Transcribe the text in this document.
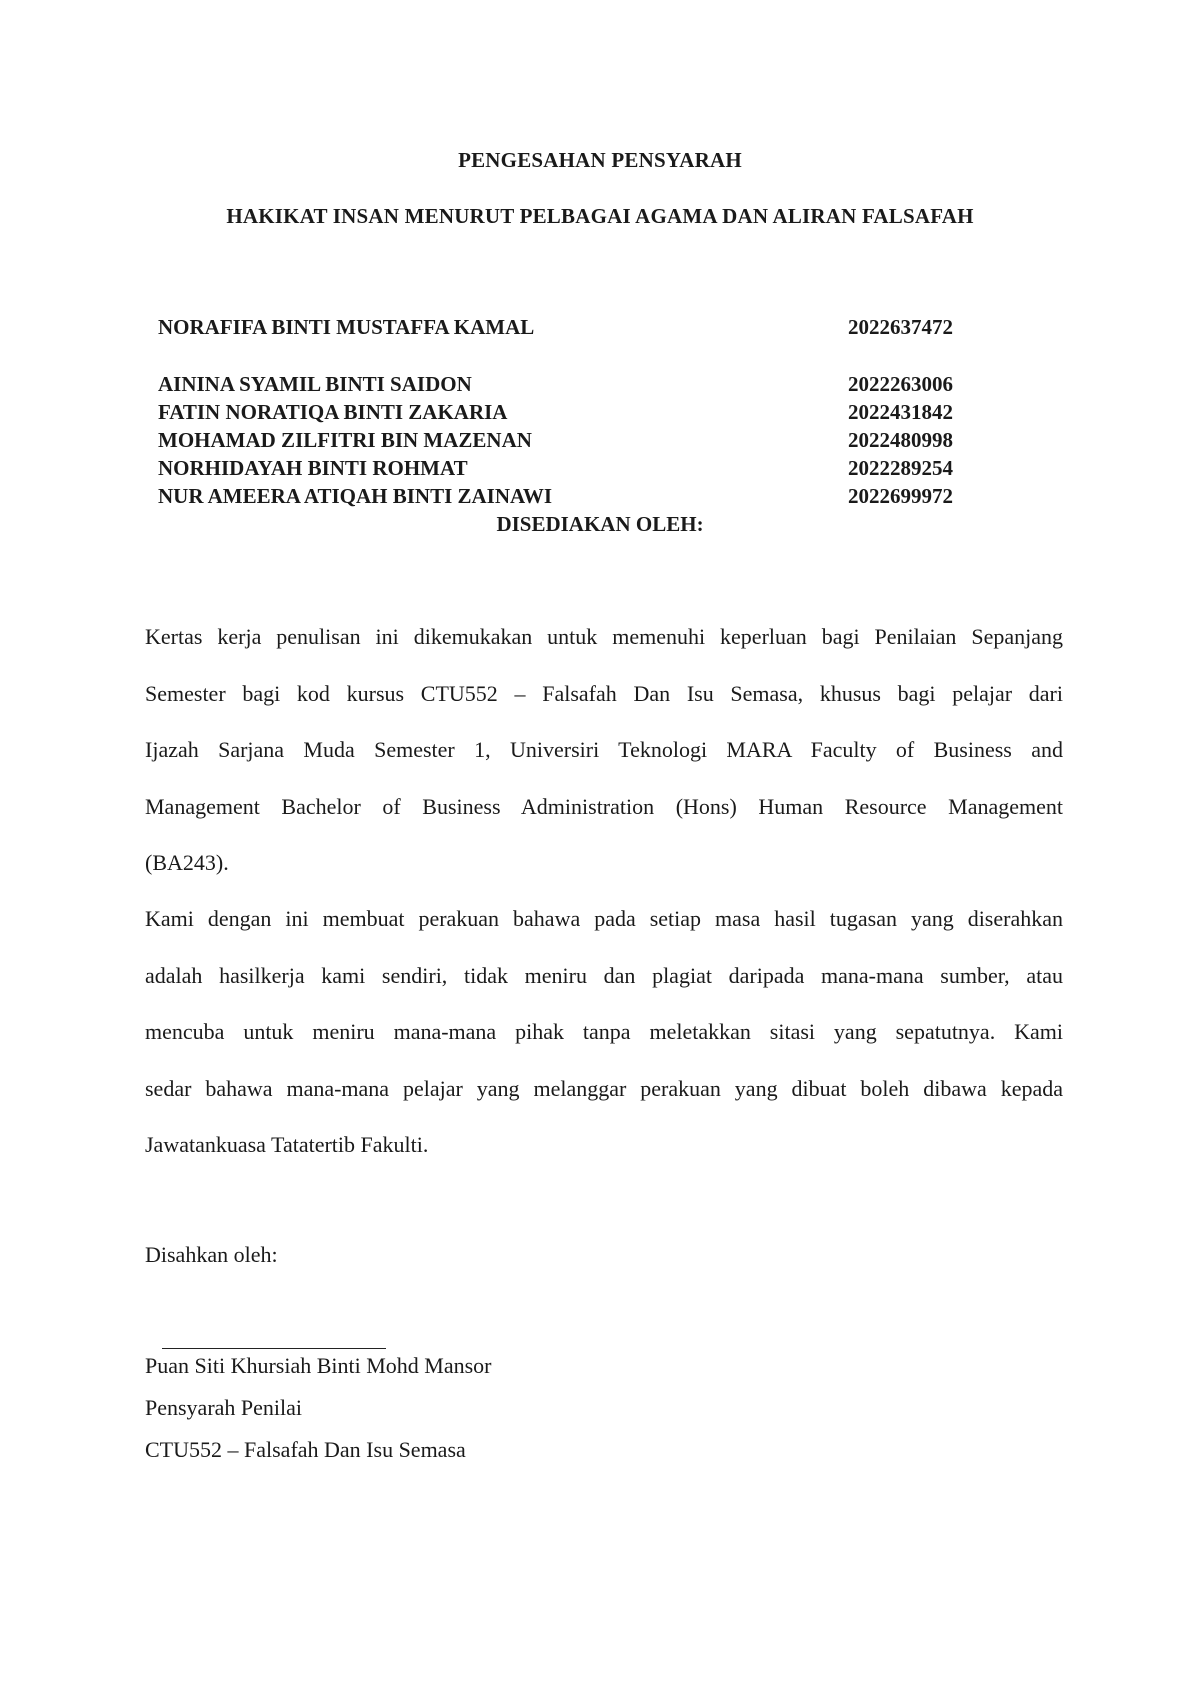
PENGESAHAN PENSYARAH
HAKIKAT INSAN MENURUT PELBAGAI AGAMA DAN ALIRAN FALSAFAH
NORAFIFA BINTI MUSTAFFA KAMAL	2022637472
AININA SYAMIL BINTI SAIDON	2022263006
FATIN NORATIQA BINTI ZAKARIA	2022431842
MOHAMAD ZILFITRI BIN MAZENAN	2022480998
NORHIDAYAH BINTI ROHMAT	2022289254
NUR AMEERA ATIQAH BINTI ZAINAWI	2022699972
DISEDIAKAN OLEH:
Kertas kerja penulisan ini dikemukakan untuk memenuhi keperluan bagi Penilaian Sepanjang
Semester bagi kod kursus CTU552 – Falsafah Dan Isu Semasa, khusus bagi pelajar dari
Ijazah Sarjana Muda Semester 1, Universiri Teknologi MARA Faculty of Business and
Management Bachelor of Business Administration (Hons) Human Resource Management
(BA243).
Kami dengan ini membuat perakuan bahawa pada setiap masa hasil tugasan yang diserahkan
adalah hasilkerja kami sendiri, tidak meniru dan plagiat daripada mana-mana sumber, atau
mencuba untuk meniru mana-mana pihak tanpa meletakkan sitasi yang sepatutnya. Kami
sedar bahawa mana-mana pelajar yang melanggar perakuan yang dibuat boleh dibawa kepada
Jawatankuasa Tatatertib Fakulti.
Disahkan oleh:
Puan Siti Khursiah Binti Mohd Mansor
Pensyarah Penilai
CTU552 – Falsafah Dan Isu Semasa
